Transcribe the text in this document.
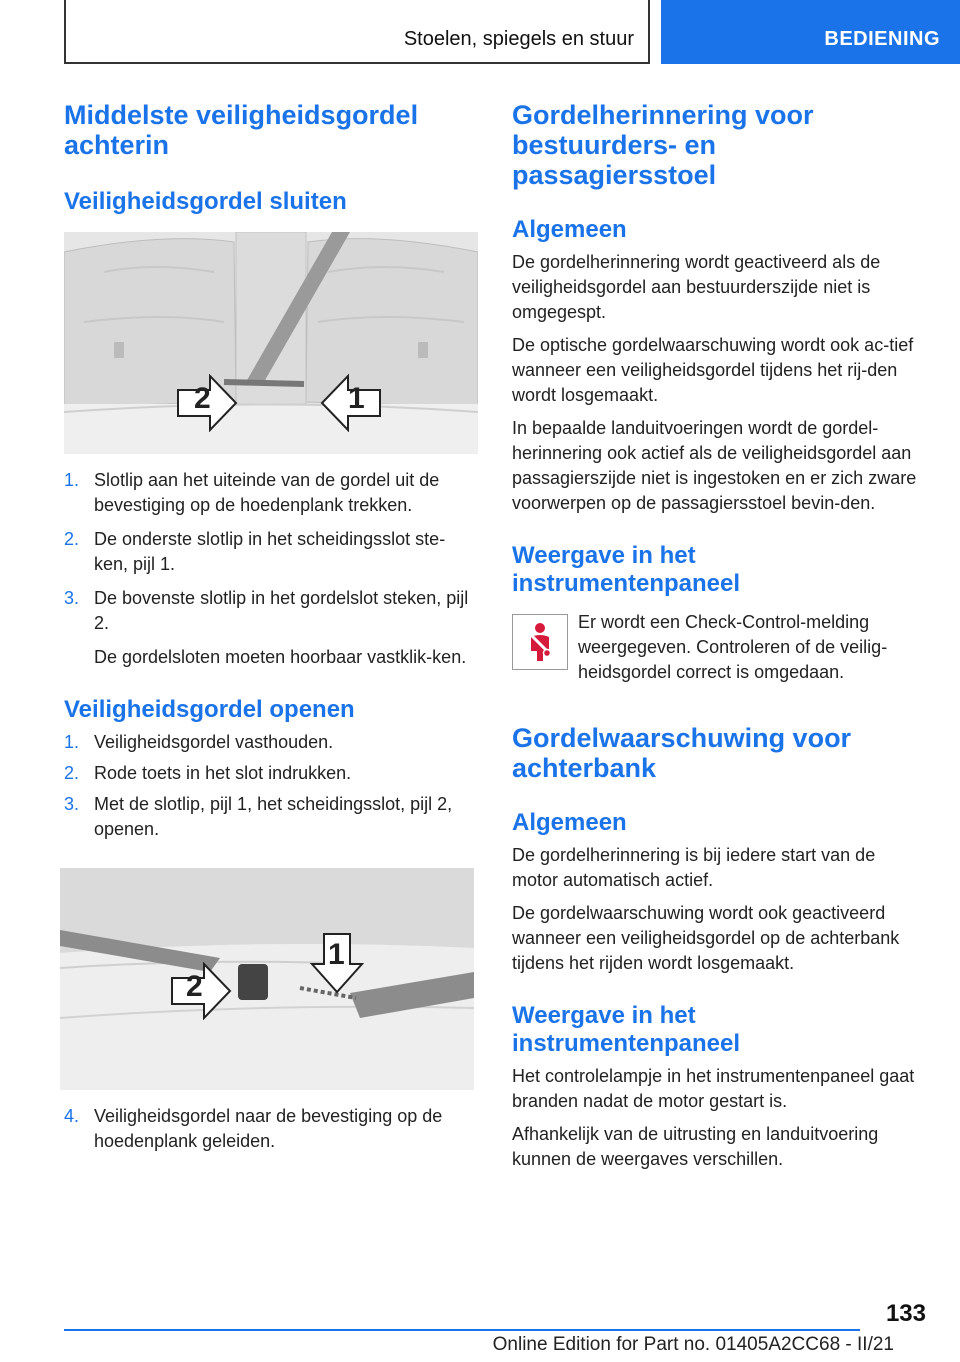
Stoelen, spiegels en stuur	BEDIENING
Middelste veiligheidsgordel achterin
Veiligheidsgordel sluiten
2	1
1. Slotlip aan het uiteinde van de gordel uit de bevestiging op de hoedenplank trekken.
2. De onderste slotlip in het scheidingsslot ste-ken, pijl 1.
3. De bovenste slotlip in het gordelslot steken, pijl 2.
De gordelsloten moeten hoorbaar vastklik-ken.
Veiligheidsgordel openen
1. Veiligheidsgordel vasthouden.
2. Rode toets in het slot indrukken.
3. Met de slotlip, pijl 1, het scheidingsslot, pijl 2, openen.
1
2
4. Veiligheidsgordel naar de bevestiging op de hoedenplank geleiden.
Gordelherinnering voor bestuurders- en passagiersstoel
Algemeen

De gordelherinnering wordt geactiveerd als de veiligheidsgordel aan bestuurderszijde niet is omgegespt.

De optische gordelwaarschuwing wordt ook ac-tief wanneer een veiligheidsgordel tijdens het rij-den wordt losgemaakt.

In bepaalde landuitvoeringen wordt de gordel-herinnering ook actief als de veiligheidsgordel aan passagierszijde niet is ingestoken en er zich zware voorwerpen op de passagiersstoel bevin-den.

Weergave in het instrumentenpaneel

Er wordt een Check-Control-melding weergegeven. Controleren of de veilig-heidsgordel correct is omgedaan.

Gordelwaarschuwing voor achterbank
Algemeen

De gordelherinnering is bij iedere start van de motor automatisch actief.

De gordelwaarschuwing wordt ook geactiveerd wanneer een veiligheidsgordel op de achterbank tijdens het rijden wordt losgemaakt.

Weergave in het instrumentenpaneel

Het controlelampje in het instrumentenpaneel gaat branden nadat de motor gestart is.

Afhankelijk van de uitrusting en landuitvoering kunnen de weergaves verschillen.

133
Online Edition for Part no. 01405A2CC68 - II/21
